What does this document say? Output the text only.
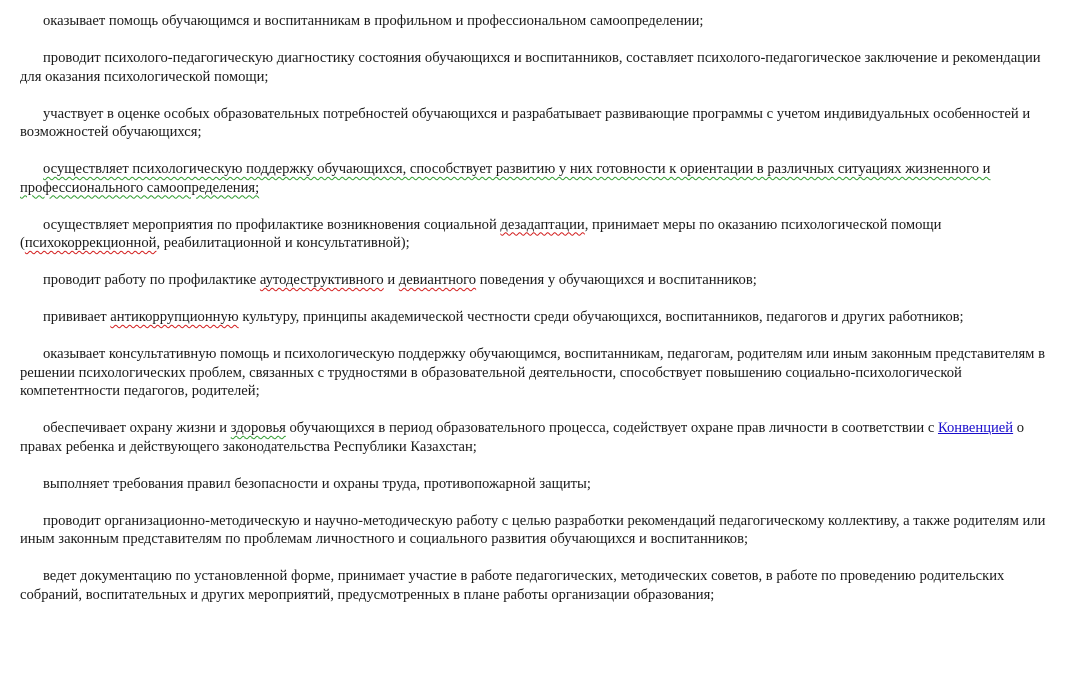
оказывает помощь обучающимся и воспитанникам в профильном и профессиональном самоопределении;

проводит психолого-педагогическую диагностику состояния обучающихся и воспитанников, составляет психолого-педагогическое заключение и рекомендации для оказания психологической помощи;

участвует в оценке особых образовательных потребностей обучающихся и разрабатывает развивающие программы с учетом индивидуальных особенностей и возможностей обучающихся;

осуществляет психологическую поддержку обучающихся, способствует развитию у них готовности к ориентации в различных ситуациях жизненного и профессионального самоопределения;

осуществляет мероприятия по профилактике возникновения социальной дезадаптации, принимает меры по оказанию психологической помощи (психокоррекционной, реабилитационной и консультативной);

проводит работу по профилактике аутодеструктивного и девиантного поведения у обучающихся и воспитанников;

прививает антикоррупционную культуру, принципы академической честности среди обучающихся, воспитанников, педагогов и других работников;

оказывает консультативную помощь и психологическую поддержку обучающимся, воспитанникам, педагогам, родителям или иным законным представителям в решении психологических проблем, связанных с трудностями в образовательной деятельности, способствует повышению социально-психологической компетентности педагогов, родителей;

обеспечивает охрану жизни и здоровья обучающихся в период образовательного процесса, содействует охране прав личности в соответствии с Конвенцией о правах ребенка и действующего законодательства Республики Казахстан;

выполняет требования правил безопасности и охраны труда, противопожарной защиты;

проводит организационно-методическую и научно-методическую работу с целью разработки рекомендаций педагогическому коллективу, а также родителям или иным законным представителям по проблемам личностного и социального развития обучающихся и воспитанников;

ведет документацию по установленной форме, принимает участие в работе педагогических, методических советов, в работе по проведению родительских собраний, воспитательных и других мероприятий, предусмотренных в плане работы организации образования;
